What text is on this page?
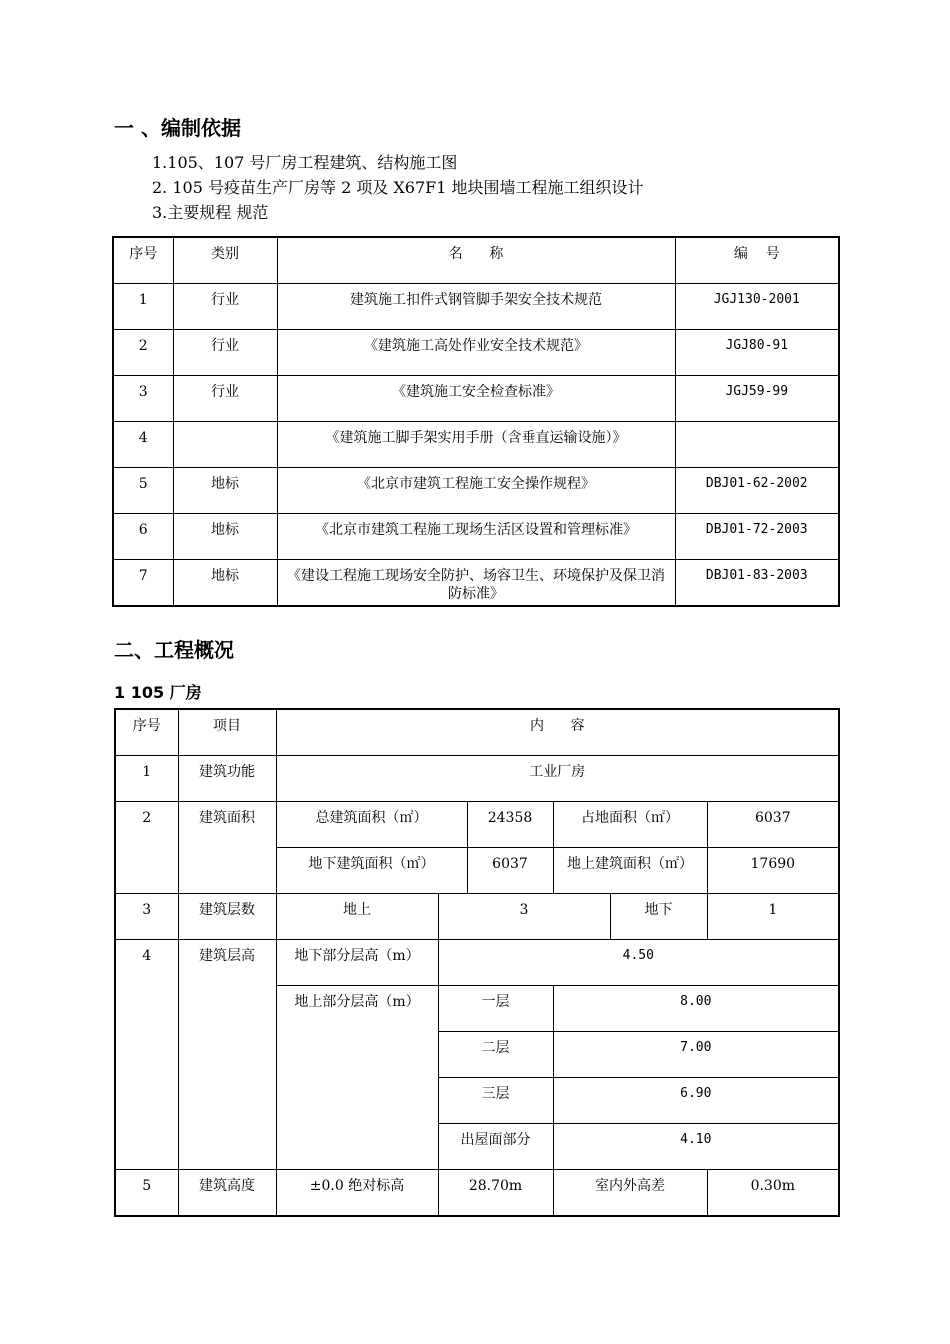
一 、编制依据
1.105、107 号厂房工程建筑、结构施工图
2. 105 号疫苗生产厂房等 2 项及 X67F1 地块围墙工程施工组织设计
3.主要规程 规范
序号	类别	名      称	编    号
1	行业	建筑施工扣件式钢管脚手架安全技术规范	JGJ130-2001
2	行业	《建筑施工高处作业安全技术规范》	JGJ80-91
3	行业	《建筑施工安全检查标准》	JGJ59-99
4		《建筑施工脚手架实用手册（含垂直运输设施）》	
5	地标	《北京市建筑工程施工安全操作规程》	DBJ01-62-2002
6	地标	《北京市建筑工程施工现场生活区设置和管理标准》	DBJ01-72-2003
7	地标	《建设工程施工现场安全防护、场容卫生、环境保护及保卫消防标准》	DBJ01-83-2003
二、工程概况
1 105 厂房
序号	项目	内      容					
1	建筑功能	工业厂房					
2	建筑面积	总建筑面积（㎡）		24358	占地面积（㎡）		6037
		地下建筑面积（㎡）		6037	地上建筑面积（㎡）		17690
3	建筑层数	地上	3			地下	1
4	建筑层高	地下部分层高（m）	4.50				
		地上部分层高（m）	一层		8.00		
			二层		7.00		
			三层		6.90		
			出屋面部分		4.10		
5	建筑高度	±0.0 绝对标高	28.70m		室内外高差		0.30m
